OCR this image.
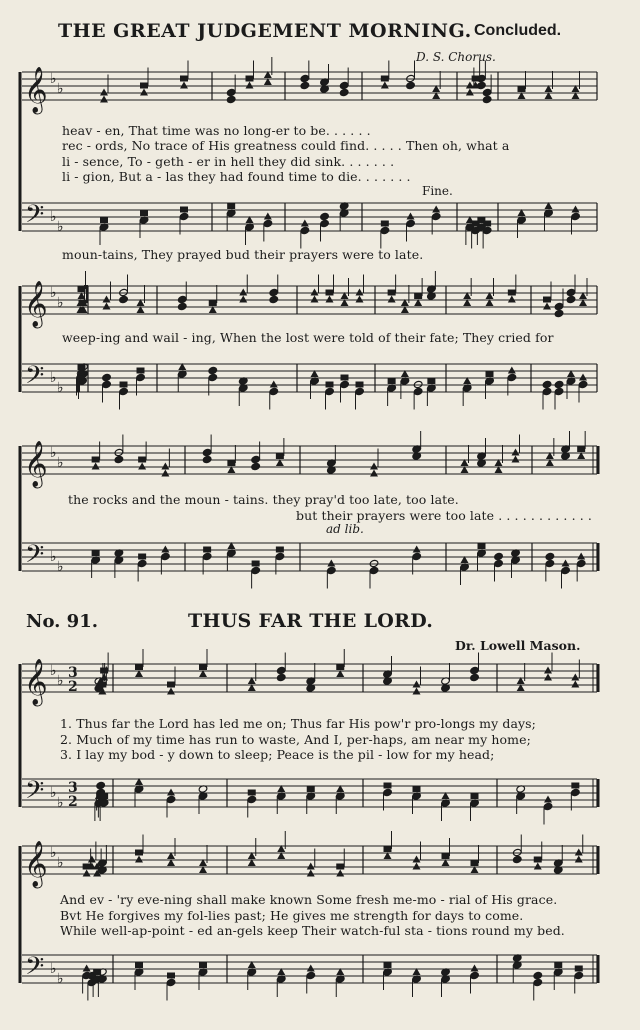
𝄞
𝄢
♭
♭
♭
♭
𝄞
𝄢
♭
♭
♭
♭
𝄞
𝄢
♭
♭
♭
♭
𝄞
𝄢
♭
♭
♭
♭
3
2
3
2
𝄞
𝄢
♭
♭
♭
♭
THE GREAT JUDGEMENT MORNING. Concluded.
D. S. Chorus.
heav - en, That time was no long-er to be. . . . . .
rec - ords, No trace of His greatness could find. . . . . Then oh, what a
li - sence, To - geth - er in hell they did sink. . . . . . .
li - gion, But a - las they had found time to die. . . . . . .
Fine.
moun-tains, They prayed bud their prayers were to late.
weep-ing and wail - ing, When the lost were told of their fate; They cried for
the rocks and the moun - tains. they pray'd too late, too late.
but their prayers were too late . . . . . . . . . . . .
ad lib.
No. 91.	THUS FAR THE LORD.
Dr. Lowell Mason.
1. Thus far the Lord has led me on; Thus far His pow'r pro-longs my days;
2. Much of my time has run to waste, And I, per-haps, am near my home;
3. I lay my bod - y down to sleep; Peace is the pil - low for my head;
And ev - 'ry eve-ning shall make known Some fresh me-mo - rial of His grace.
Bvt He forgives my fol-lies past; He gives me strength for days to come.
While well-ap-point - ed an-gels keep Their watch-ful sta - tions round my bed.
